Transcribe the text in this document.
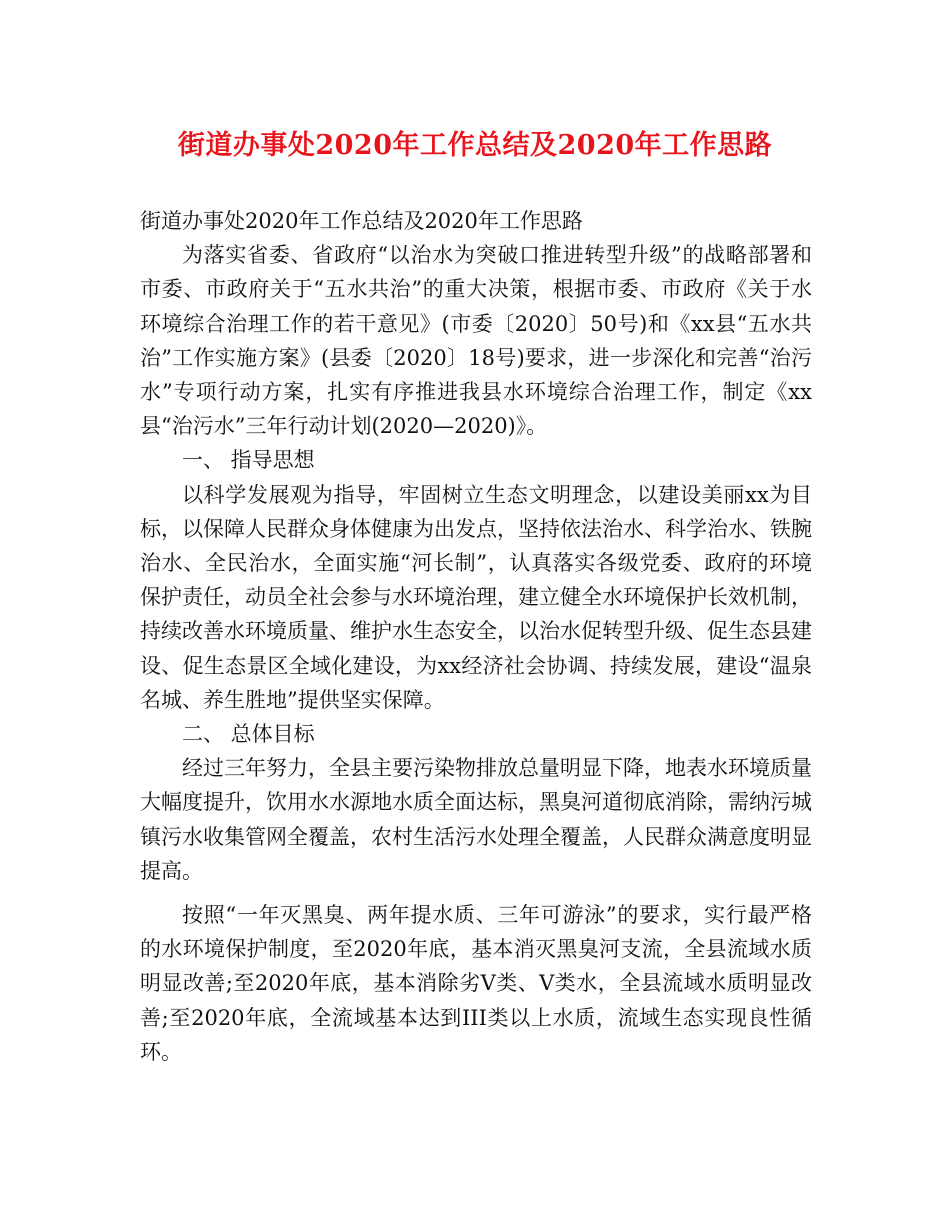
街道办事处2020年工作总结及2020年工作思路

街道办事处2020年工作总结及2020年工作思路

为落实省委、省政府“以治水为突破口推进转型升级”的战略部署和市委、市政府关于“五水共治”的重大决策，根据市委、市政府《关于水环境综合治理工作的若干意见》(市委〔2020〕50号)和《xx县“五水共治”工作实施方案》(县委〔2020〕18号)要求，进一步深化和完善“治污水”专项行动方案，扎实有序推进我县水环境综合治理工作，制定《xx县“治污水”三年行动计划(2020—2020)》。

一、 指导思想

以科学发展观为指导，牢固树立生态文明理念，以建设美丽xx为目标，以保障人民群众身体健康为出发点，坚持依法治水、科学治水、铁腕治水、全民治水，全面实施“河长制”，认真落实各级党委、政府的环境保护责任，动员全社会参与水环境治理，建立健全水环境保护长效机制，持续改善水环境质量、维护水生态安全，以治水促转型升级、促生态县建设、促生态景区全域化建设，为xx经济社会协调、持续发展，建设“温泉名城、养生胜地”提供坚实保障。

二、 总体目标

经过三年努力，全县主要污染物排放总量明显下降，地表水环境质量大幅度提升，饮用水水源地水质全面达标，黑臭河道彻底消除，需纳污城镇污水收集管网全覆盖，农村生活污水处理全覆盖，人民群众满意度明显提高。

按照“一年灭黑臭、两年提水质、三年可游泳”的要求，实行最严格的水环境保护制度，至2020年底，基本消灭黑臭河支流，全县流域水质明显改善;至2020年底，基本消除劣Ⅴ类、Ⅴ类水，全县流域水质明显改善;至2020年底，全流域基本达到III类以上水质，流域生态实现良性循环。
